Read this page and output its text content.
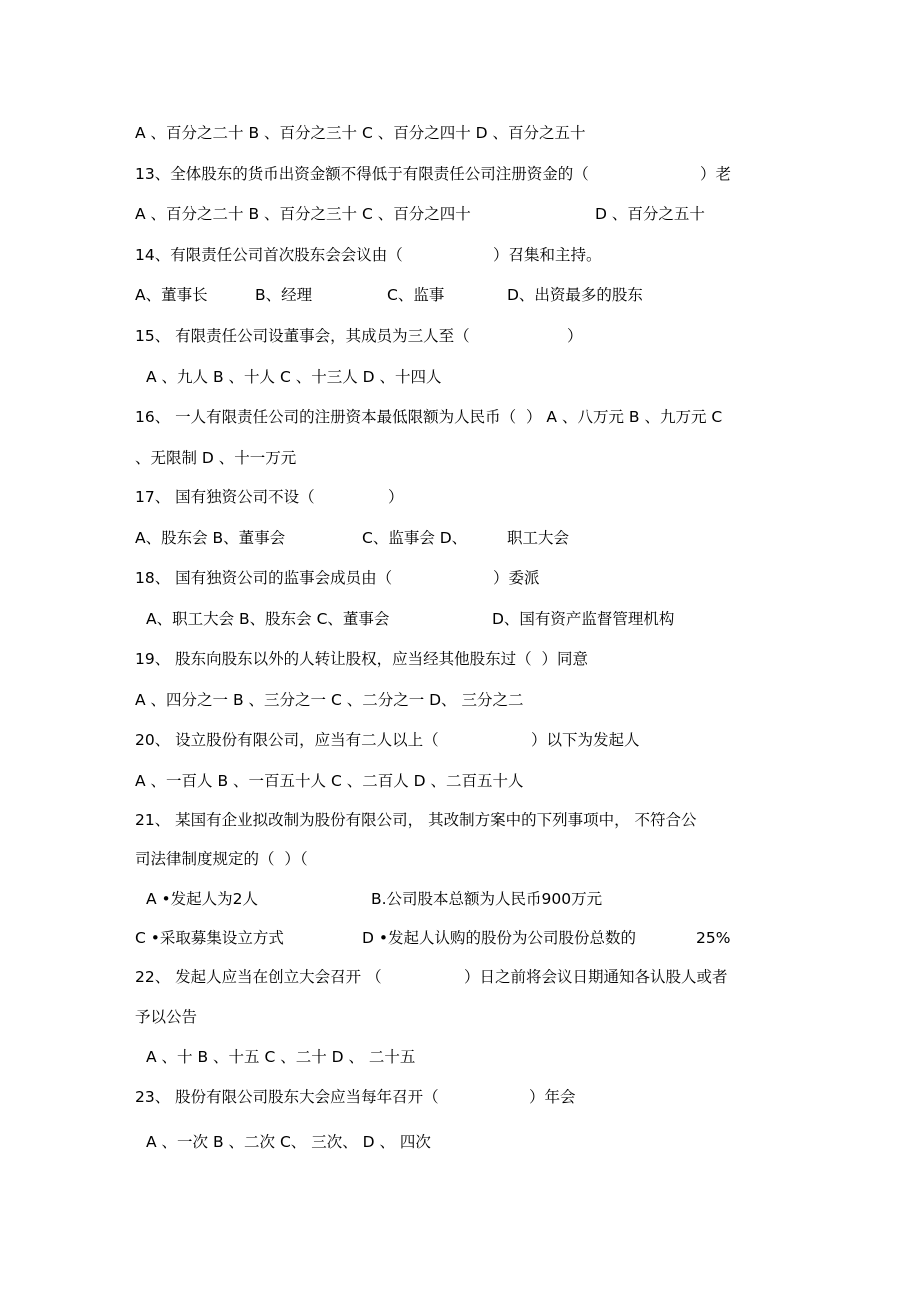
A 、百分之二十 B 、百分之三十 C 、百分之四十 D 、百分之五十

13、全体股东的货币出资金额不得低于有限责任公司注册资金的（

	）老

A 、百分之二十 B 、百分之三十 C 、百分之四十

	D 、百分之五十

14、有限责任公司首次股东会会议由（

	）召集和主持。

A、董事长

	B、经理

	C、监事

	D、出资最多的股东

15、 有限责任公司设董事会，其成员为三人至（

	）

A 、九人 B 、十人 C 、十三人 D 、十四人

16、 一人有限责任公司的注册资本最低限额为人民币（  ） A 、八万元 B 、九万元 C

、无限制 D 、十一万元

17、 国有独资公司不设（

	）

A、股东会 B、董事会

	C、监事会 D、

	职工大会

18、 国有独资公司的监事会成员由（

	）委派

A、职工大会 B、股东会 C、董事会

	D、国有资产监督管理机构

19、 股东向股东以外的人转让股权，应当经其他股东过（  ）同意

A 、四分之一 B 、三分之一 C 、二分之一 D、 三分之二

20、 设立股份有限公司，应当有二人以上（

	）以下为发起人

A 、一百人 B 、一百五十人 C 、二百人 D 、二百五十人

21、 某国有企业拟改制为股份有限公司， 其改制方案中的下列事项中， 不符合公

司法律制度规定的（  ）（

A •发起人为2人

	B.公司股本总额为人民币900万元

C •采取募集设立方式

	D •发起人认购的股份为公司股份总数的

	25%

22、 发起人应当在创立大会召开 （

	）日之前将会议日期通知各认股人或者

予以公告

A 、十 B 、十五 C 、二十 D 、 二十五

23、 股份有限公司股东大会应当每年召开（

	）年会

A 、一次 B 、二次 C、 三次、 D 、 四次
